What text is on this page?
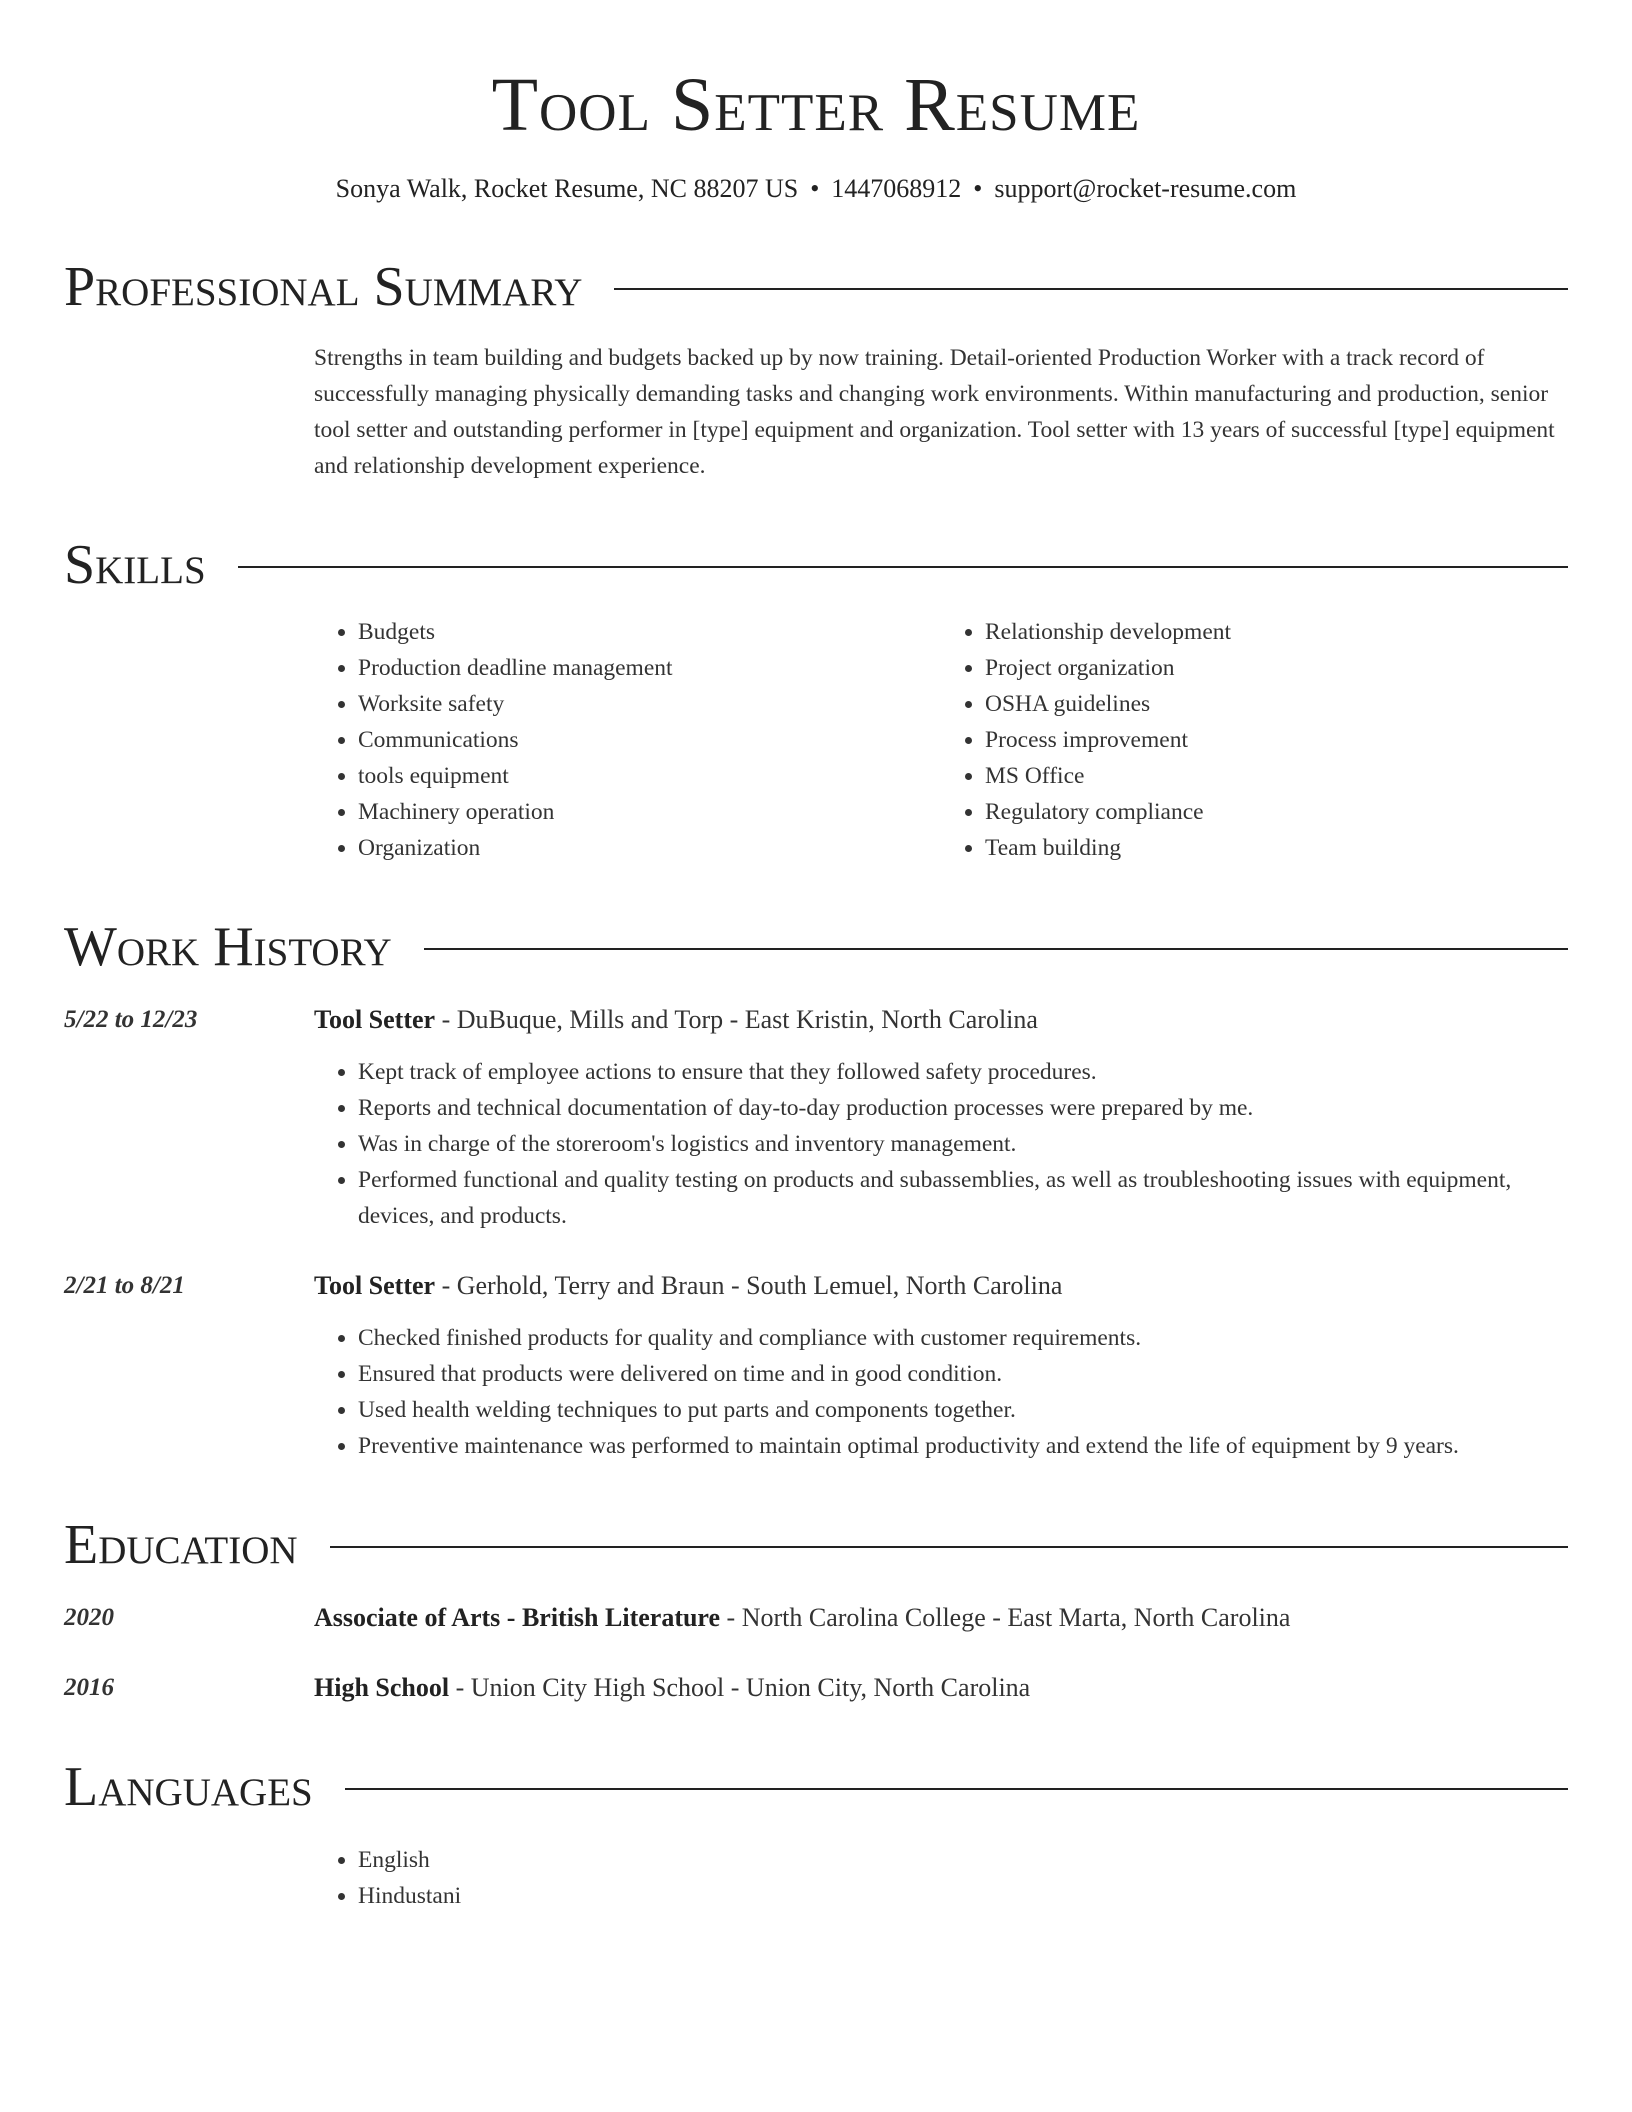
Tool Setter Resume
Sonya Walk, Rocket Resume, NC 88207 US • 1447068912 • support@rocket-resume.com
Professional Summary
Strengths in team building and budgets backed up by now training. Detail-oriented Production Worker with a track record of successfully managing physically demanding tasks and changing work environments. Within manufacturing and production, senior tool setter and outstanding performer in [type] equipment and organization. Tool setter with 13 years of successful [type] equipment and relationship development experience.
Skills
• Budgets
• Production deadline management
• Worksite safety
• Communications
• tools equipment
• Machinery operation
• Organization
• Relationship development
• Project organization
• OSHA guidelines
• Process improvement
• MS Office
• Regulatory compliance
• Team building
Work History
5/22 to 12/23	Tool Setter - DuBuque, Mills and Torp - East Kristin, North Carolina
• Kept track of employee actions to ensure that they followed safety procedures.
• Reports and technical documentation of day-to-day production processes were prepared by me.
• Was in charge of the storeroom's logistics and inventory management.
• Performed functional and quality testing on products and subassemblies, as well as troubleshooting issues with equipment, devices, and products.
2/21 to 8/21	Tool Setter - Gerhold, Terry and Braun - South Lemuel, North Carolina
• Checked finished products for quality and compliance with customer requirements.
• Ensured that products were delivered on time and in good condition.
• Used health welding techniques to put parts and components together.
• Preventive maintenance was performed to maintain optimal productivity and extend the life of equipment by 9 years.
Education
2020	Associate of Arts - British Literature - North Carolina College - East Marta, North Carolina
2016	High School - Union City High School - Union City, North Carolina
Languages
• English
• Hindustani
